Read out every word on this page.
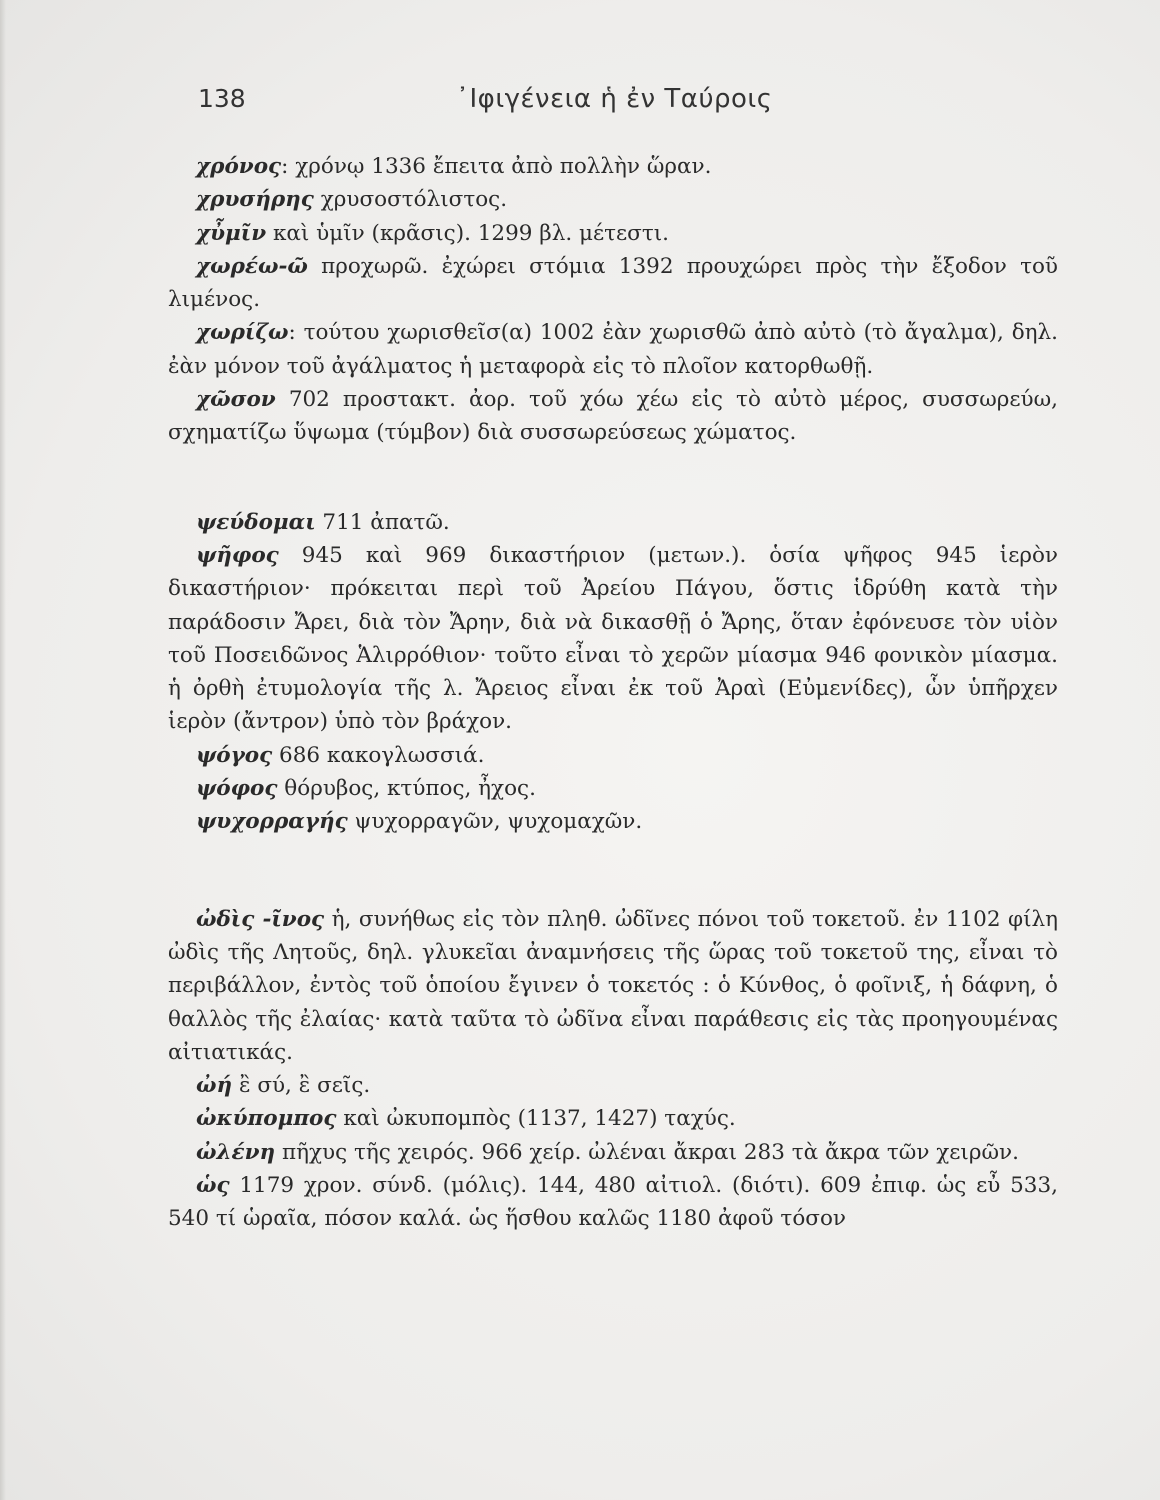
138	᾿Ιφιγένεια ἡ ἐν Ταύροις

χρόνος: χρόνῳ 1336 ἔπειτα ἀπὸ πολλὴν ὥραν.

χρυσήρης χρυσοστόλιστος.

χὖμῖν καὶ ὑμῖν (κρᾶσις). 1299 βλ. μέτεστι.

χωρέω-ῶ προχωρῶ. ἐχώρει στόμια 1392 προυχώρει πρὸς τὴν ἔξοδον τοῦ λιμένος.

χωρίζω: τούτου χωρισθεῖσ(α) 1002 ἐὰν χωρισθῶ ἀπὸ αὐτὸ (τὸ ἄγαλμα), δηλ. ἐὰν μόνον τοῦ ἀγάλματος ἡ μεταφορὰ εἰς τὸ πλοῖον κατορθωθῇ.

χῶσον 702 προστακτ. ἀορ. τοῦ χόω χέω εἰς τὸ αὐτὸ μέρος, συσσωρεύω, σχηματίζω ὕψωμα (τύμβον) διὰ συσσωρεύσεως χώματος.

ψεύδομαι 711 ἀπατῶ.

ψῆφος 945 καὶ 969 δικαστήριον (μετων.). ὁσία ψῆφος 945 ἱερὸν δικαστήριον· πρόκειται περὶ τοῦ Ἀρείου Πάγου, ὅστις ἱδρύθη κατὰ τὴν παράδοσιν Ἄρει, διὰ τὸν Ἄρην, διὰ νὰ δικασθῇ ὁ Ἄρης, ὅταν ἐφόνευσε τὸν υἱὸν τοῦ Ποσειδῶνος Ἁλιρρόθιον· τοῦτο εἶναι τὸ χερῶν μίασμα 946 φονικὸν μίασμα. ἡ ὀρθὴ ἐτυμολογία τῆς λ. Ἄρειος εἶναι ἐκ τοῦ Ἀραὶ (Εὐμενίδες), ὧν ὑπῆρχεν ἱερὸν (ἄντρον) ὑπὸ τὸν βράχον.

ψόγος 686 κακογλωσσιά.

ψόφος θόρυβος, κτύπος, ἦχος.

ψυχορραγής ψυχορραγῶν, ψυχομαχῶν.

ὠδὶς -ῖνος ἡ, συνήθως εἰς τὸν πληθ. ὠδῖνες πόνοι τοῦ τοκετοῦ. ἐν 1102 φίλη ὠδὶς τῆς Λητοῦς, δηλ. γλυκεῖαι ἀναμνήσεις τῆς ὥρας τοῦ τοκετοῦ της, εἶναι τὸ περιβάλλον, ἐντὸς τοῦ ὁποίου ἔγινεν ὁ τοκετός : ὁ Κύνθος, ὁ φοῖνιξ, ἡ δάφνη, ὁ θαλλὸς τῆς ἐλαίας· κατὰ ταῦτα τὸ ὠδῖνα εἶναι παράθεσις εἰς τὰς προηγουμένας αἰτιατικάς.

ὠή ἒ σύ, ἒ σεῖς.

ὠκύπομπος καὶ ὠκυπομπὸς (1137, 1427) ταχύς.

ὠλένη πῆχυς τῆς χειρός. 966 χείρ. ὠλέναι ἄκραι 283 τὰ ἄκρα τῶν χειρῶν.

ὡς 1179 χρον. σύνδ. (μόλις). 144, 480 αἰτιολ. (διότι). 609 ἐπιφ. ὡς εὖ 533, 540 τί ὡραῖα, πόσον καλά. ὡς ἥσθου καλῶς 1180 ἀφοῦ τόσον
